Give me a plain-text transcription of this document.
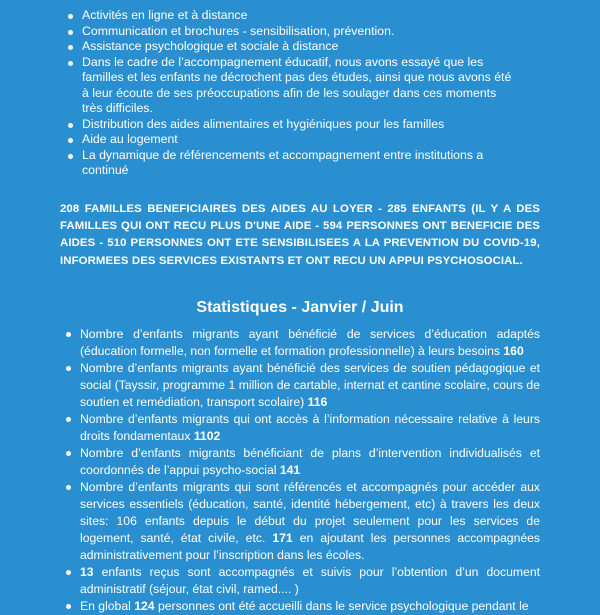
Activités en ligne et à distance
Communication et brochures - sensibilisation, prévention.
Assistance psychologique et sociale à distance
Dans le cadre de l’accompagnement éducatif, nous avons essayé que les familles et les enfants ne décrochent pas des études, ainsi que nous avons été à leur écoute de ses préoccupations afin de les soulager dans ces moments très difficiles.
Distribution des aides alimentaires et hygiéniques pour les familles
Aide au logement
La dynamique de référencements et accompagnement entre institutions a continué

208 FAMILLES BENEFICIAIRES DES AIDES AU LOYER - 285 ENFANTS (IL Y A DES FAMILLES QUI ONT RECU PLUS D'UNE AIDE - 594 PERSONNES ONT BENEFICIE DES AIDES - 510 PERSONNES ONT ETE SENSIBILISEES A LA PREVENTION DU COVID-19, INFORMEES DES SERVICES EXISTANTS ET ONT RECU UN APPUI PSYCHOSOCIAL.

Statistiques - Janvier / Juin
Nombre d’enfants migrants ayant bénéficié de services d’éducation adaptés (éducation formelle, non formelle et formation professionnelle) à leurs besoins 160
Nombre d’enfants migrants ayant bénéficié des services de soutien pédagogique et social (Tayssir, programme 1 million de cartable, internat et cantine scolaire, cours de soutien et remédiation, transport scolaire) 116
Nombre d’enfants migrants qui ont accès à l’information nécessaire relative à leurs droits fondamentaux 1102
Nombre d’enfants migrants bénéficiant de plans d’intervention individualisés et coordonnés de l’appui psycho-social 141
Nombre d’enfants migrants qui sont référencés et accompagnés pour accéder aux services essentiels (éducation, santé, identité hébergement, etc) à travers les deux sites: 106 enfants depuis le début du projet seulement pour les services de logement, santé, état civile, etc. 171 en ajoutant les personnes accompagnées administrativement pour l’inscription dans les écoles.
13 enfants reçus sont accompagnés et suivis pour l’obtention d’un document administratif (séjour, état civil, ramed.... )
En global 124 personnes ont été accueilli dans le service psychologique pendant le
